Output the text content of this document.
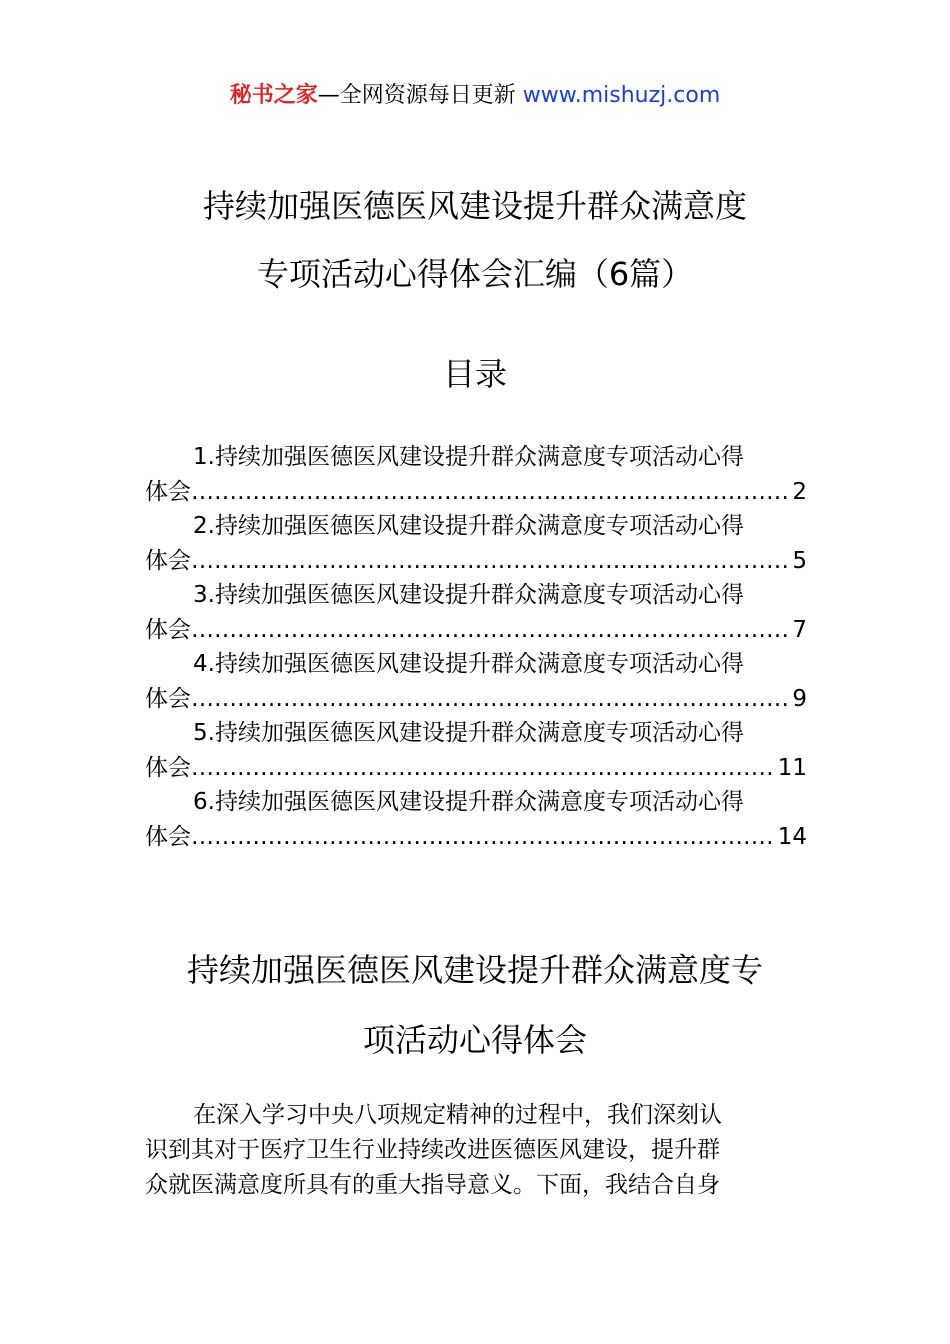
秘书之家—全网资源每日更新 www.mishuzj.com
持续加强医德医风建设提升群众满意度
专项活动心得体会汇编（6篇）
目录
1.持续加强医德医风建设提升群众满意度专项活动心得
体会 …………………………………………………………………………………………………………………………………………………………………………………………	2
2.持续加强医德医风建设提升群众满意度专项活动心得
体会 …………………………………………………………………………………………………………………………………………………………………………………………	5
3.持续加强医德医风建设提升群众满意度专项活动心得
体会 …………………………………………………………………………………………………………………………………………………………………………………………	7
4.持续加强医德医风建设提升群众满意度专项活动心得
体会 …………………………………………………………………………………………………………………………………………………………………………………………	9
5.持续加强医德医风建设提升群众满意度专项活动心得
体会 …………………………………………………………………………………………………………………………………………………………………………………………	11
6.持续加强医德医风建设提升群众满意度专项活动心得
体会 …………………………………………………………………………………………………………………………………………………………………………………………	14
持续加强医德医风建设提升群众满意度专
项活动心得体会
在深入学习中央八项规定精神的过程中，我们深刻认
识到其对于医疗卫生行业持续改进医德医风建设，提升群
众就医满意度所具有的重大指导意义。下面，我结合自身
